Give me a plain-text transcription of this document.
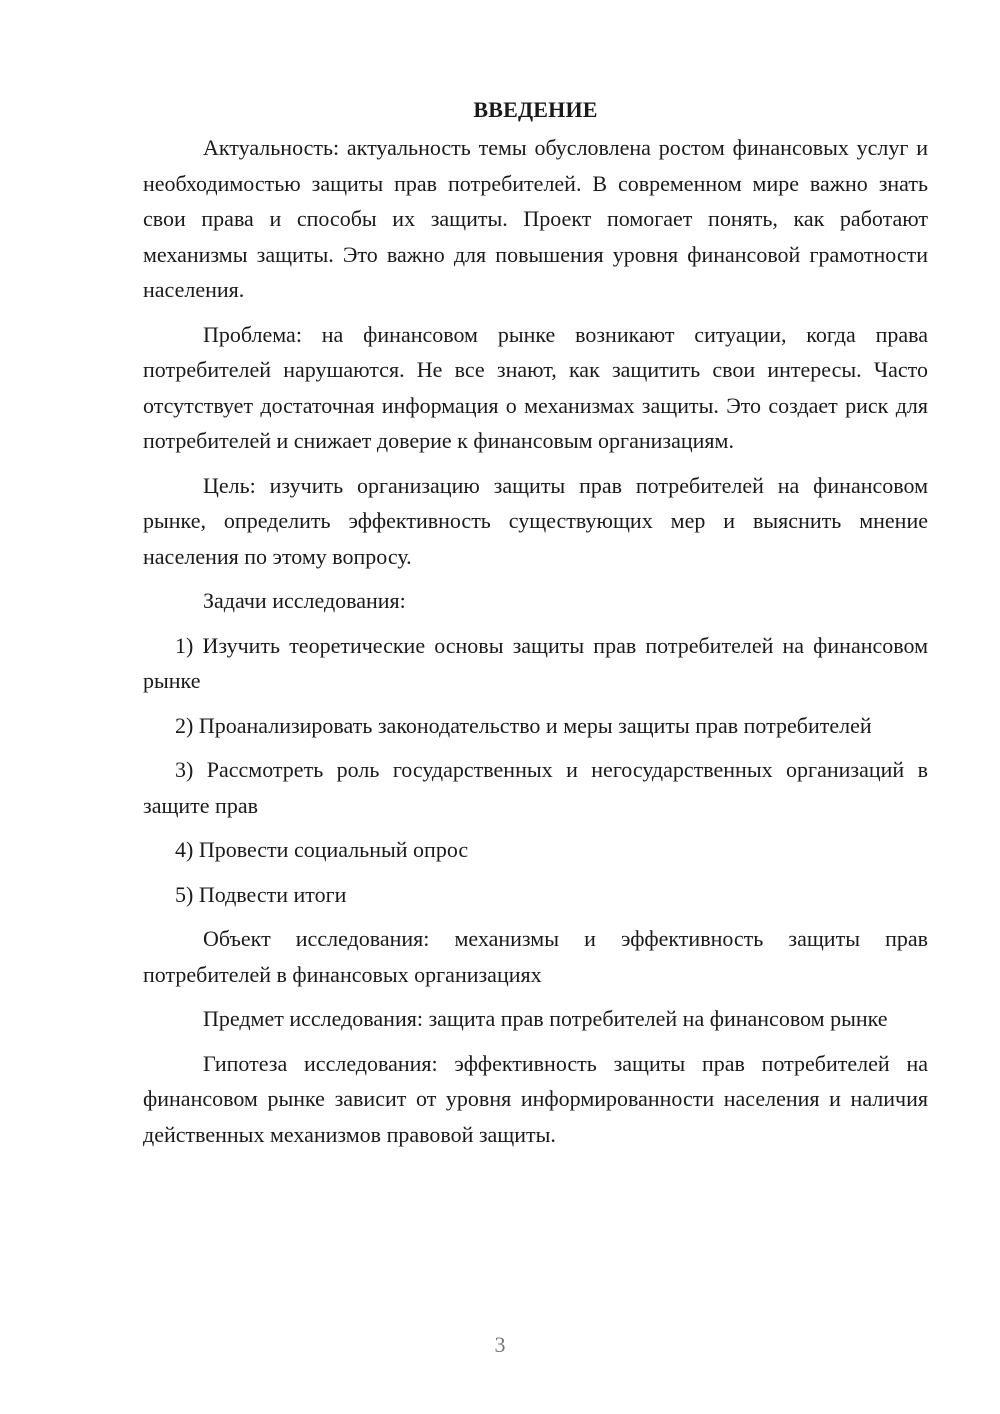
ВВЕДЕНИЕ

Актуальность: актуальность темы обусловлена ростом финансовых услуг и необходимостью защиты прав потребителей. В современном мире важно знать свои права и способы их защиты. Проект помогает понять, как работают механизмы защиты. Это важно для повышения уровня финансовой грамотности населения.

Проблема: на финансовом рынке возникают ситуации, когда права потребителей нарушаются. Не все знают, как защитить свои интересы. Часто отсутствует достаточная информация о механизмах защиты. Это создает риск для потребителей и снижает доверие к финансовым организациям.

Цель: изучить организацию защиты прав потребителей на финансовом рынке, определить эффективность существующих мер и выяснить мнение населения по этому вопросу.

Задачи исследования:

1) Изучить теоретические основы защиты прав потребителей на финансовом рынке

2) Проанализировать законодательство и меры защиты прав потребителей

3) Рассмотреть роль государственных и негосударственных организаций в защите прав

4) Провести социальный опрос

5) Подвести итоги

Объект исследования: механизмы и эффективность защиты прав потребителей в финансовых организациях

Предмет исследования: защита прав потребителей на финансовом рынке

Гипотеза исследования: эффективность защиты прав потребителей на финансовом рынке зависит от уровня информированности населения и наличия действенных механизмов правовой защиты.

3
